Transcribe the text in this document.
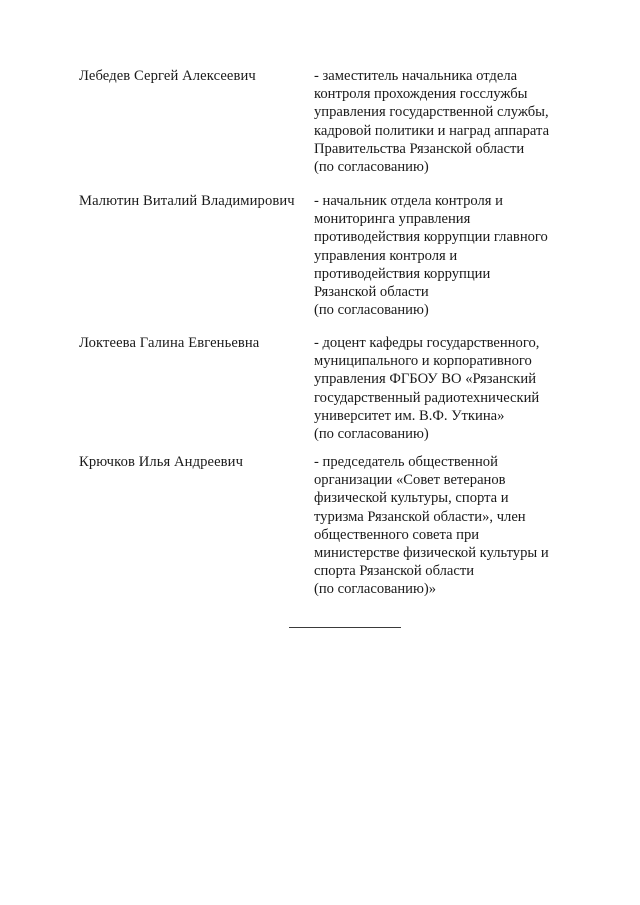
Лебедев Сергей Алексеевич	- заместитель начальника отдела
контроля прохождения госслужбы
управления государственной службы,
кадровой политики и наград аппарата
Правительства Рязанской области
(по согласованию)
Малютин Виталий Владимирович - начальник отдела контроля и
мониторинга управления
противодействия коррупции главного
управления контроля и
противодействия коррупции
Рязанской области
(по согласованию)
Локтеева Галина Евгеньевна	- доцент кафедры государственного,
муниципального и корпоративного
управления ФГБОУ ВО «Рязанский
государственный радиотехнический
университет им. В.Ф. Уткина»
(по согласованию)
Крючков Илья Андреевич	- председатель общественной
организации «Совет ветеранов
физической культуры, спорта и
туризма Рязанской области», член
общественного совета при
министерстве физической культуры и
спорта Рязанской области
(по согласованию)»
